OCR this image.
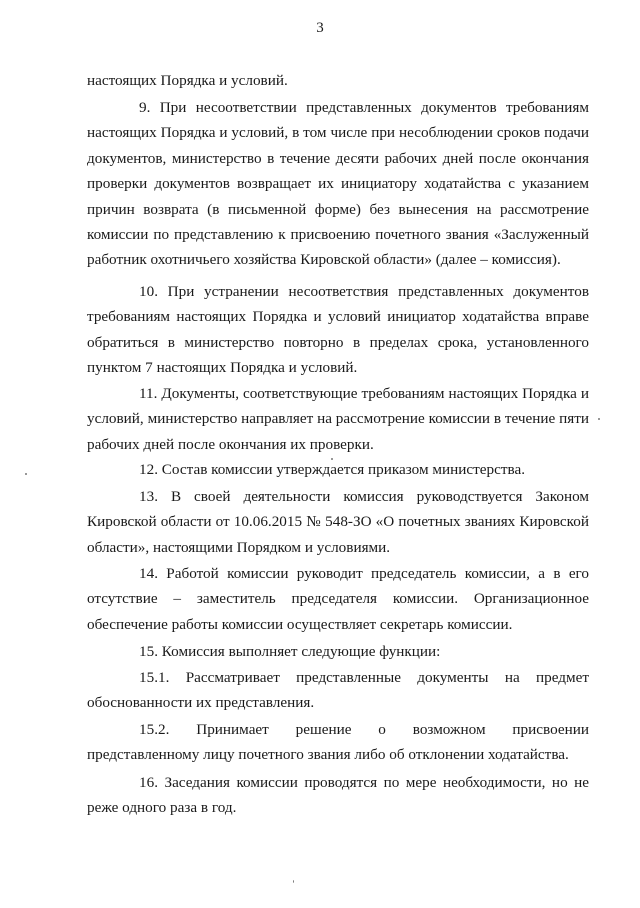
3

настоящих Порядка и условий.

9. При несоответствии представленных документов требованиям настоящих Порядка и условий, в том числе при несоблюдении сроков подачи документов, министерство в течение десяти рабочих дней после окончания проверки документов возвращает их инициатору ходатайства с указанием причин возврата (в письменной форме) без вынесения на рассмотрение комиссии по представлению к присвоению почетного звания «Заслуженный работник охотничьего хозяйства Кировской области» (далее – комиссия).

10. При устранении несоответствия представленных документов требованиям настоящих Порядка и условий инициатор ходатайства вправе обратиться в министерство повторно в пределах срока, установленного пунктом 7 настоящих Порядка и условий.

11. Документы, соответствующие требованиям настоящих Порядка и условий, министерство направляет на рассмотрение комиссии в течение пяти рабочих дней после окончания их проверки.

12. Состав комиссии утверждается приказом министерства.

13. В своей деятельности комиссия руководствуется Законом Кировской области от 10.06.2015 № 548-ЗО «О почетных званиях Кировской области», настоящими Порядком и условиями.

14. Работой комиссии руководит председатель комиссии, а в его отсутствие – заместитель председателя комиссии. Организационное обеспечение работы комиссии осуществляет секретарь комиссии.

15. Комиссия выполняет следующие функции:

15.1. Рассматривает представленные документы на предмет обоснованности их представления.

15.2. Принимает решение о возможном присвоении представленному лицу почетного звания либо об отклонении ходатайства.

16. Заседания комиссии проводятся по мере необходимости, но не реже одного раза в год.
